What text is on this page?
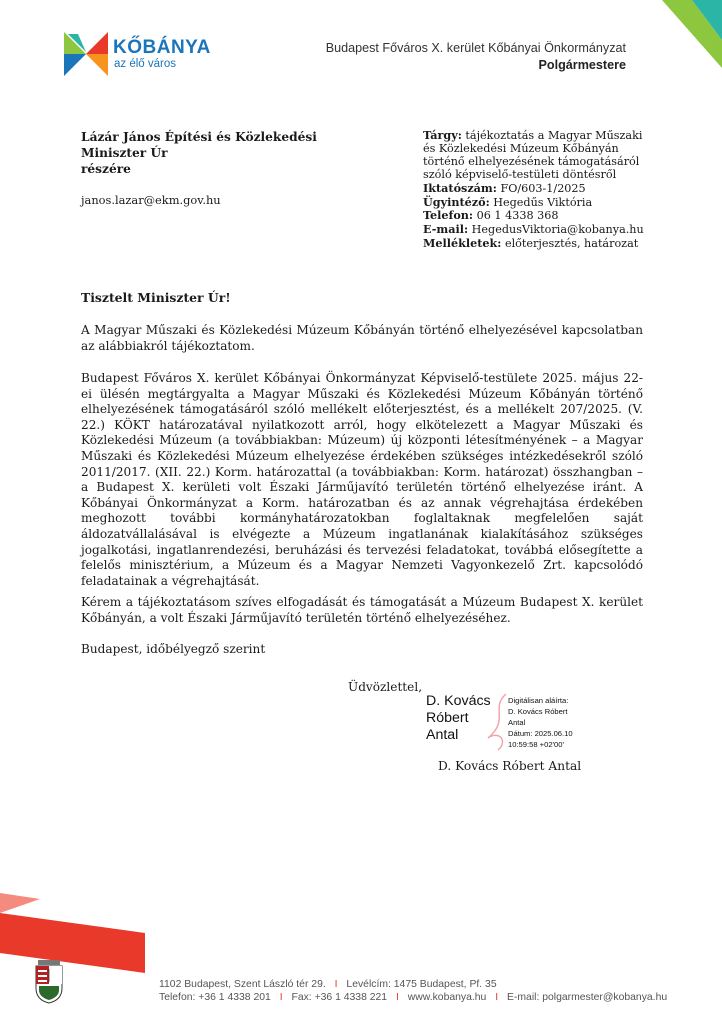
KŐBÁNYA
az élő város
Budapest Főváros X. kerület Kőbányai Önkormányzat
Polgármestere
Lázár János Építési és Közlekedési
Miniszter Úr
részére
janos.lazar@ekm.gov.hu
Tárgy: tájékoztatás a Magyar Műszaki
és Közlekedési Múzeum Kőbányán
történő elhelyezésének támogatásáról
szóló képviselő-testületi döntésről
Iktatószám: FO/603-1/2025
Ügyintéző: Hegedűs Viktória
Telefon: 06 1 4338 368
E-mail: HegedusViktoria@kobanya.hu
Mellékletek: előterjesztés, határozat
Tisztelt Miniszter Úr!
A Magyar Műszaki és Közlekedési Múzeum Kőbányán történő elhelyezésével kapcsolatban az alábbiakról tájékoztatom.
Budapest Főváros X. kerület Kőbányai Önkormányzat Képviselő-testülete 2025. május 22-ei ülésén megtárgyalta a Magyar Műszaki és Közlekedési Múzeum Kőbányán történő elhelyezésének támogatásáról szóló mellékelt előterjesztést, és a mellékelt 207/2025. (V. 22.) KÖKT határozatával nyilatkozott arról, hogy elkötelezett a Magyar Műszaki és Közlekedési Múzeum (a továbbiakban: Múzeum) új központi létesítményének – a Magyar Műszaki és Közlekedési Múzeum elhelyezése érdekében szükséges intézkedésekről szóló 2011/2017. (XII. 22.) Korm. határozattal (a továbbiakban: Korm. határozat) összhangban – a Budapest X. kerületi volt Északi Járműjavító területén történő elhelyezése iránt. A Kőbányai Önkormányzat a Korm. határozatban és az annak végrehajtása érdekében meghozott további kormányhatározatokban foglaltaknak megfelelően saját áldozatvállalásával is elvégezte a Múzeum ingatlanának kialakításához szükséges jogalkotási, ingatlanrendezési, beruházási és tervezési feladatokat, továbbá elősegítette a felelős minisztérium, a Múzeum és a Magyar Nemzeti Vagyonkezelő Zrt. kapcsolódó feladatainak a végrehajtását.
Kérem a tájékoztatásom szíves elfogadását és támogatását a Múzeum Budapest X. kerület Kőbányán, a volt Északi Járműjavító területén történő elhelyezéséhez.
Budapest, időbélyegző szerint
Üdvözlettel,
D. Kovács
Róbert
Antal
Digitálisan aláírta:
D. Kovács Róbert
Antal
Dátum: 2025.06.10
10:59:58 +02'00'
D. Kovács Róbert Antal
1102 Budapest, Szent László tér 29. I Levélcím: 1475 Budapest, Pf. 35
Telefon: +36 1 4338 201 I Fax: +36 1 4338 221 I www.kobanya.hu I E-mail: polgarmester@kobanya.hu
